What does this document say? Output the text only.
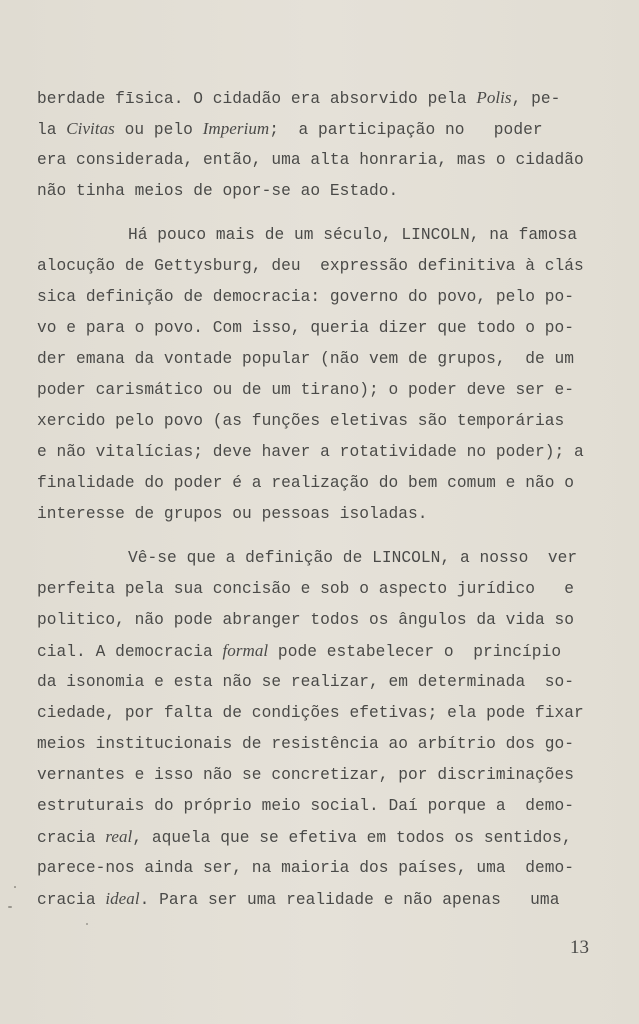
berdade fīsica. O cidadão era absorvido pela Polis, pe-
la Civitas ou pelo Imperium;  a participação no   poder
era considerada, então, uma alta honraria, mas o cidadão
não tinha meios de opor-se ao Estado.
Há pouco mais de um século, LINCOLN, na famosa
alocução de Gettysburg, deu  expressão definitiva à clás
sica definição de democracia: governo do povo, pelo po-
vo e para o povo. Com isso, queria dizer que todo o po-
der emana da vontade popular (não vem de grupos,  de um
poder carismático ou de um tirano); o poder deve ser e-
xercido pelo povo (as funções eletivas são temporárias
e não vitalícias; deve haver a rotatividade no poder); a
finalidade do poder é a realização do bem comum e não o
interesse de grupos ou pessoas isoladas.
Vê-se que a definição de LINCOLN, a nosso  ver
perfeita pela sua concisão e sob o aspecto jurídico   e
politico, não pode abranger todos os ângulos da vida so
cial. A democracia formal pode estabelecer o  princípio
da isonomia e esta não se realizar, em determinada  so-
ciedade, por falta de condições efetivas; ela pode fixar
meios institucionais de resistência ao arbítrio dos go-
vernantes e isso não se concretizar, por discriminações
estruturais do próprio meio social. Daí porque a  demo-
cracia real, aquela que se efetiva em todos os sentidos,
parece-nos ainda ser, na maioria dos países, uma  demo-
cracia ideal. Para ser uma realidade e não apenas   uma
13
